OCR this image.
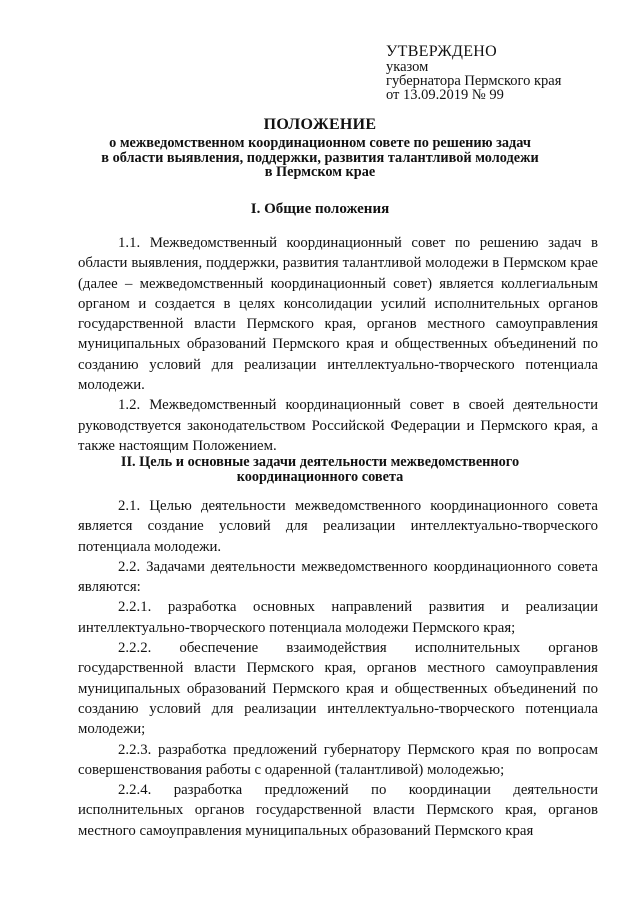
УТВЕРЖДЕНО
указом
губернатора Пермского края
от 13.09.2019 № 99
ПОЛОЖЕНИЕ
о межведомственном координационном совете по решению задач
в области выявления, поддержки, развития талантливой молодежи
в Пермском крае
I. Общие положения

1.1. Межведомственный координационный совет по решению задач в области выявления, поддержки, развития талантливой молодежи в Пермском крае (далее – межведомственный координационный совет) является коллегиальным органом и создается в целях консолидации усилий исполнительных органов государственной власти Пермского края, органов местного самоуправления муниципальных образований Пермского края и общественных объединений по созданию условий для реализации интеллектуально-творческого потенциала молодежи.

1.2. Межведомственный координационный совет в своей деятельности руководствуется законодательством Российской Федерации и Пермского края, а также настоящим Положением.

II. Цель и основные задачи деятельности межведомственного
координационного совета

2.1. Целью деятельности межведомственного координационного совета является создание условий для реализации интеллектуально-творческого потенциала молодежи.

2.2. Задачами деятельности межведомственного координационного совета являются:

2.2.1. разработка основных направлений развития и реализации интеллектуально-творческого потенциала молодежи Пермского края;

2.2.2. обеспечение взаимодействия исполнительных органов государственной власти Пермского края, органов местного самоуправления муниципальных образований Пермского края и общественных объединений по созданию условий для реализации интеллектуально-творческого потенциала молодежи;

2.2.3. разработка предложений губернатору Пермского края по вопросам совершенствования работы с одаренной (талантливой) молодежью;

2.2.4. разработка предложений по координации деятельности исполнительных органов государственной власти Пермского края, органов местного самоуправления муниципальных образований Пермского края
